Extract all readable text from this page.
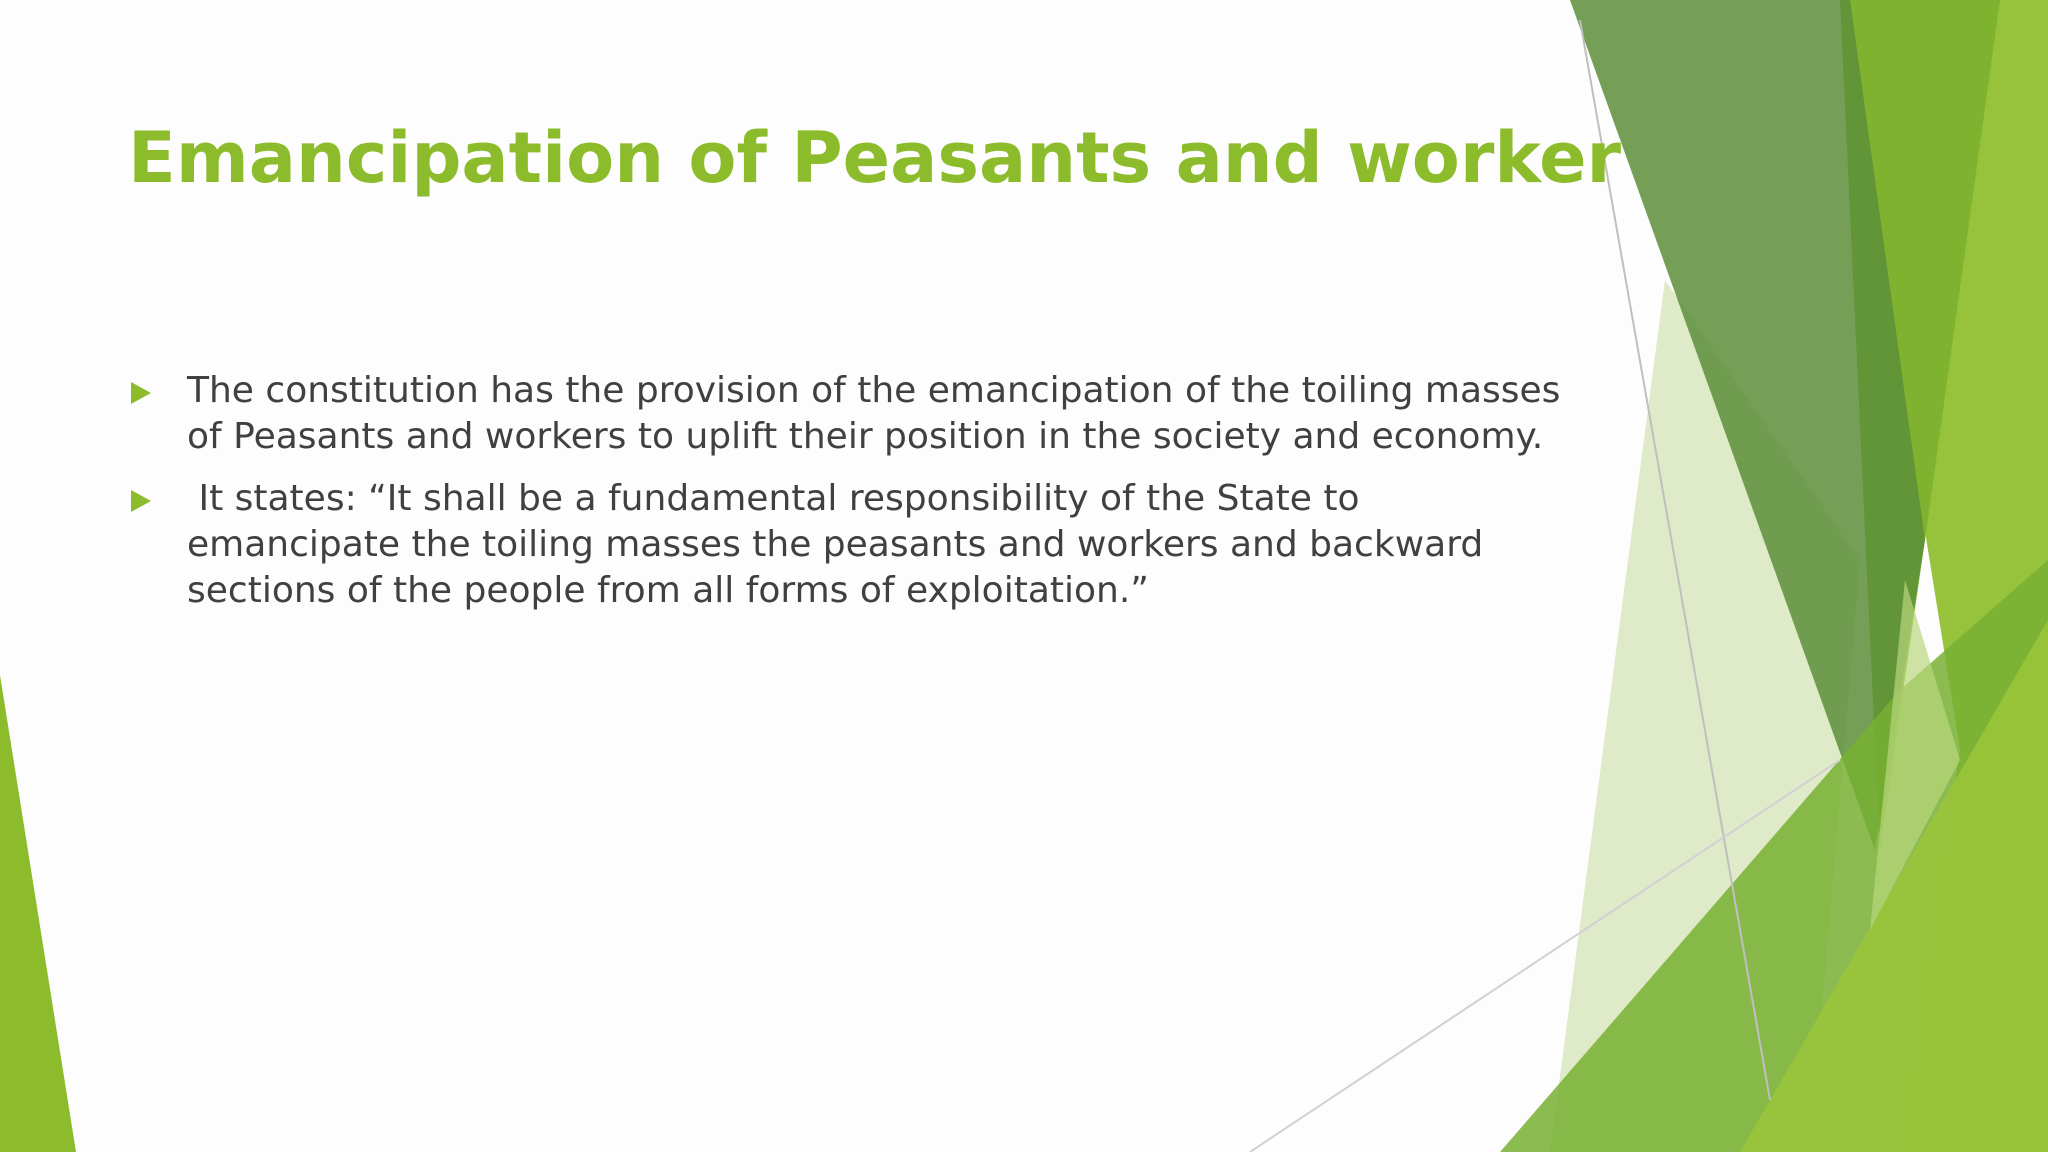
Emancipation of Peasants and worker
The constitution has the provision of the emancipation of the toiling masses of Peasants and workers to uplift their position in the society and economy.
It states: “It shall be a fundamental responsibility of the State to emancipate the toiling masses the peasants and workers and backward sections of the people from all forms of exploitation.”
